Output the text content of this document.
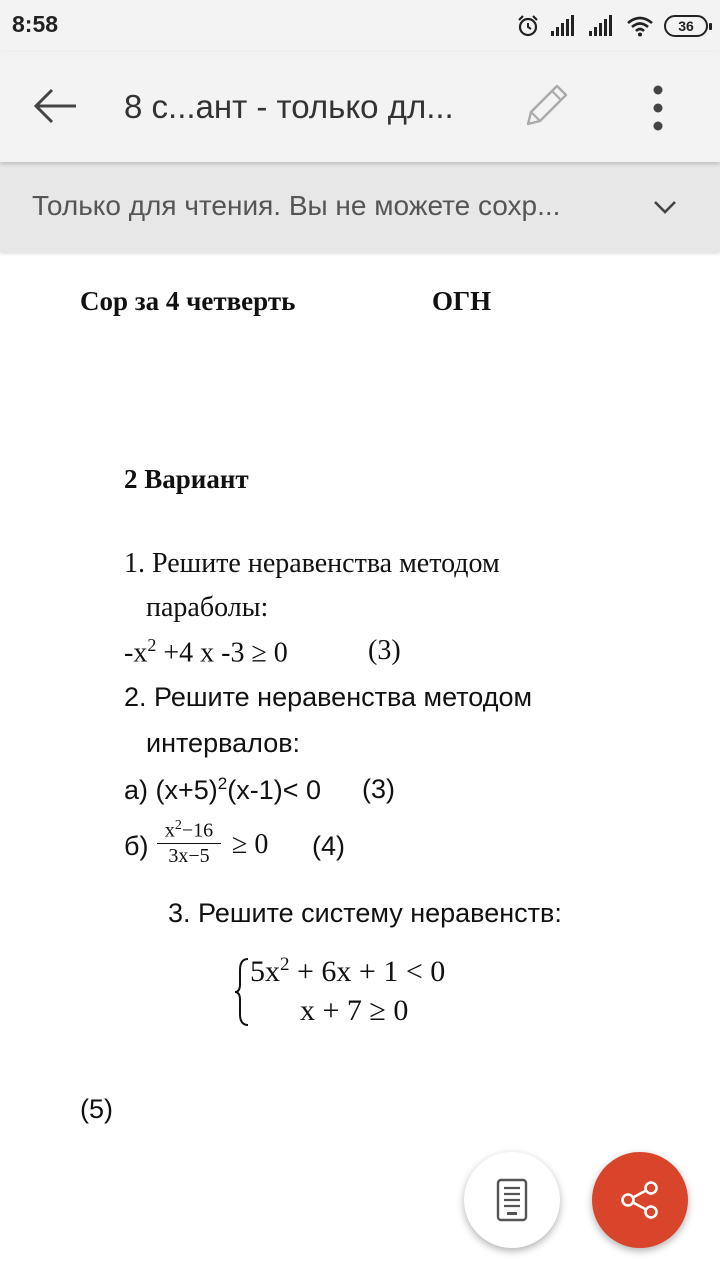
8:58	36
8 с...ант - только дл...
Только для чтения. Вы не можете сохр...
Сор за 4 четверть	ОГН
2 Вариант
1. Решите неравенства методом
параболы:
$-x^2 +4$ x -3 ≥ 0	(3)
2. Решите неравенства методом
интервалов:
а) $(x+5)^2(x-1)< 0$ (3)
б)
$x^2-16$
3x−5 ≥ 0 (4)
3. Решите систему неравенств:
$5x^2 + 6x + 1 < 0$
x + 7 ≥ 0
(5)
